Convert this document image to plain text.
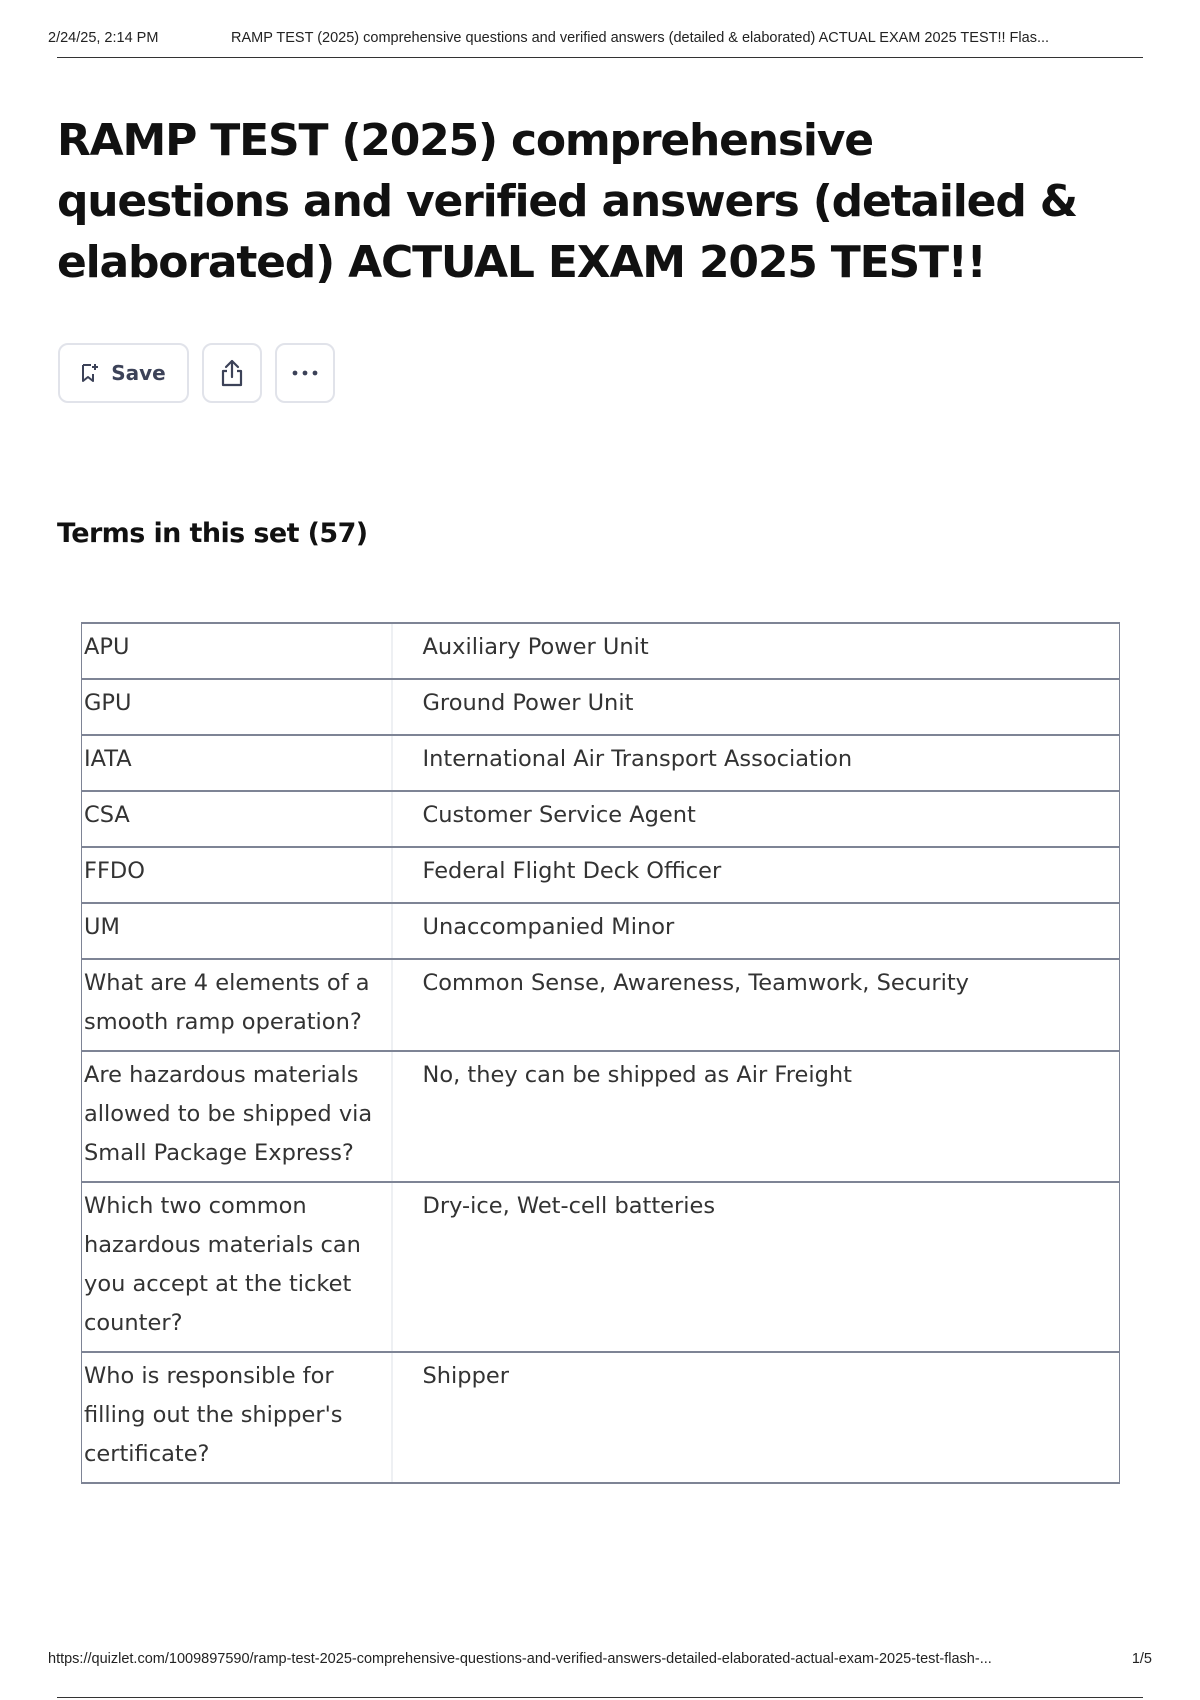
2/24/25, 2:14 PM	RAMP TEST (2025) comprehensive questions and verified answers (detailed & elaborated) ACTUAL EXAM 2025 TEST!! Flas...
RAMP TEST (2025) comprehensive questions and verified answers (detailed & elaborated) ACTUAL EXAM 2025 TEST!!
Save
Terms in this set (57)
APU	Auxiliary Power Unit
GPU	Ground Power Unit
IATA	International Air Transport Association
CSA	Customer Service Agent
FFDO	Federal Flight Deck Officer
UM	Unaccompanied Minor
What are 4 elements of a smooth ramp operation?	Common Sense, Awareness, Teamwork, Security
Are hazardous materials allowed to be shipped via Small Package Express?	No, they can be shipped as Air Freight
Which two common hazardous materials can you accept at the ticket counter?	Dry-ice, Wet-cell batteries
Who is responsible for filling out the shipper's certificate?	Shipper
https://quizlet.com/1009897590/ramp-test-2025-comprehensive-questions-and-verified-answers-detailed-elaborated-actual-exam-2025-test-flash-...	1/5
